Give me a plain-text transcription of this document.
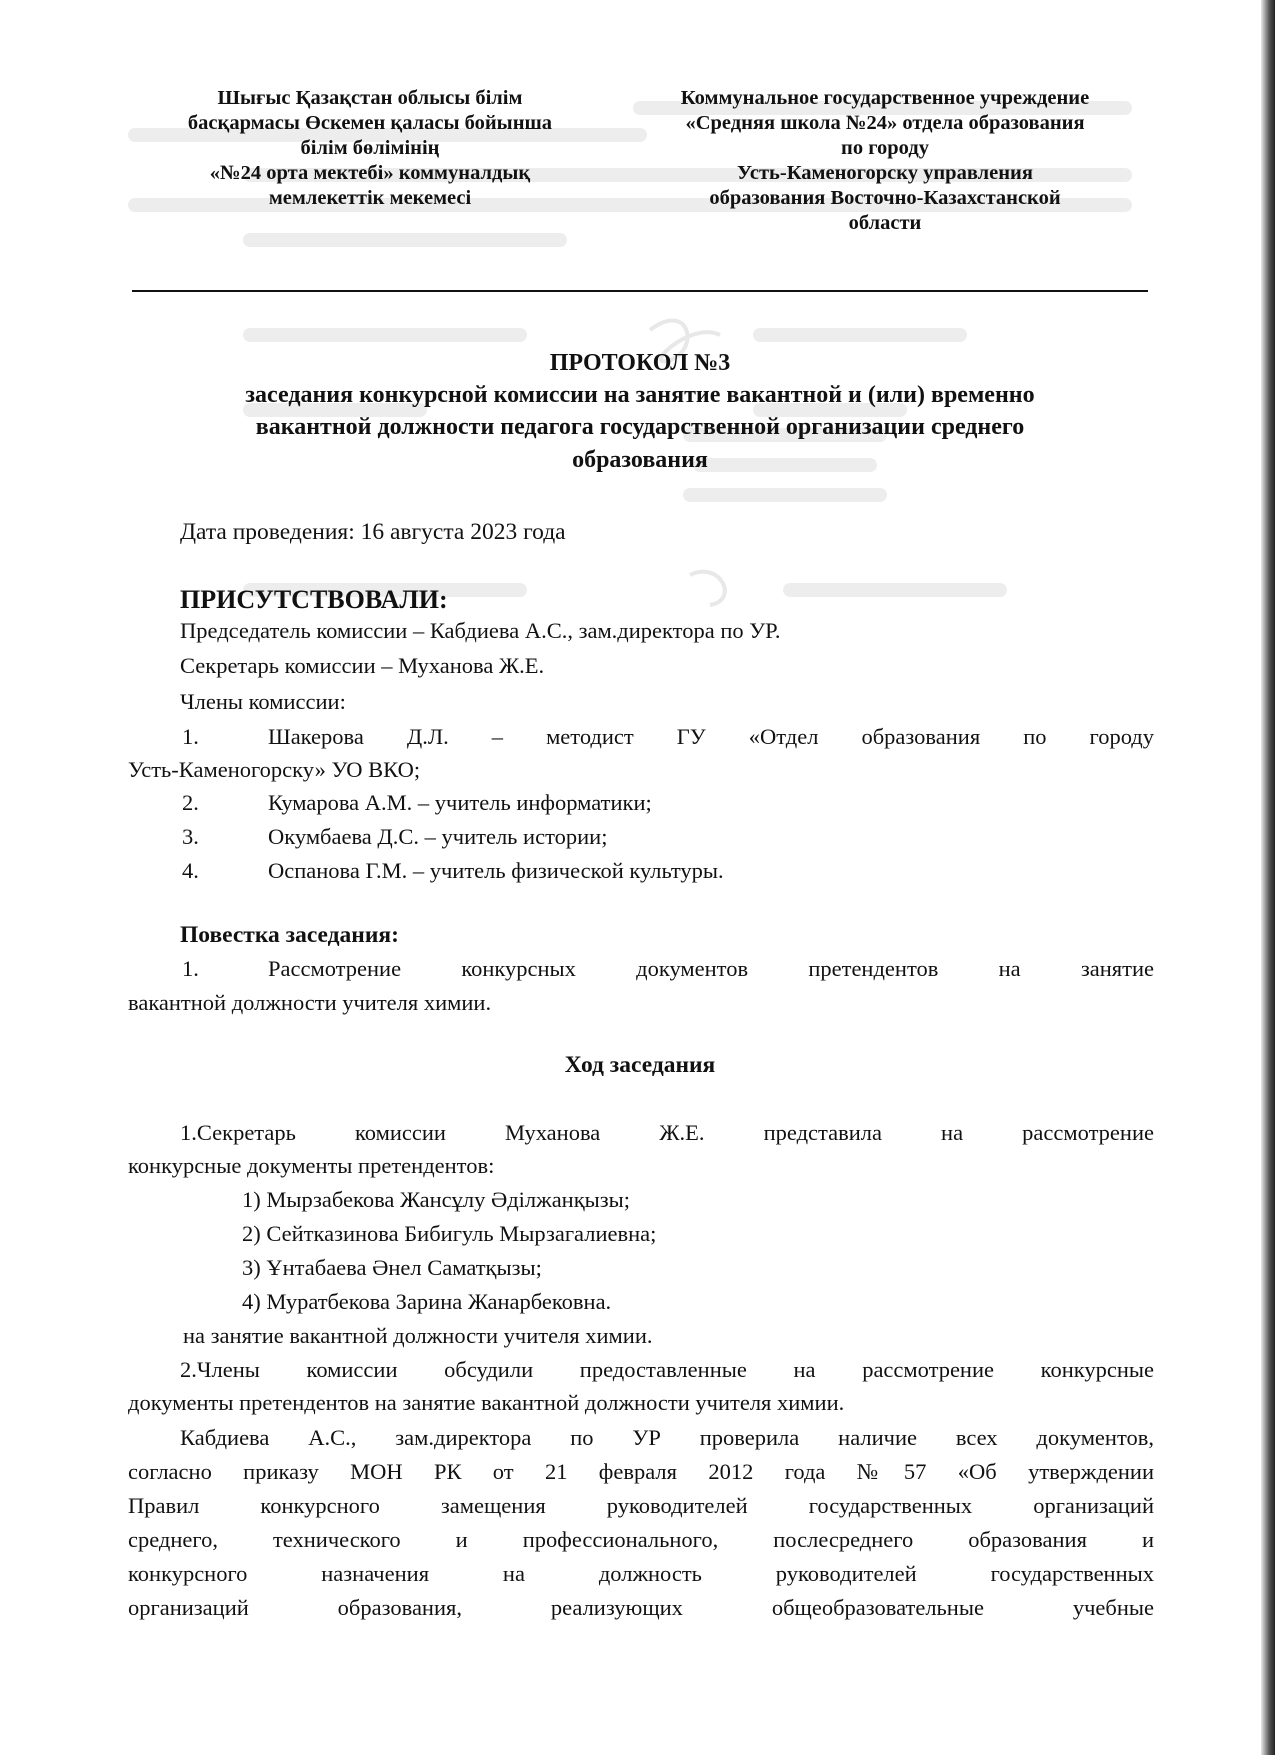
Шығыс Қазақстан облысы білім
басқармасы Өскемен қаласы бойынша
білім бөлімінің
«№24 орта мектебі» коммуналдық
мемлекеттік мекемесі
Коммунальное государственное учреждение
«Средняя школа №24» отдела образования
по городу
Усть-Каменогорску управления
образования Восточно-Казахстанской
области
ПРОТОКОЛ №3
заседания конкурсной комиссии на занятие вакантной и (или) временно
вакантной должности педагога государственной организации среднего
образования
Дата проведения: 16 августа 2023 года
ПРИСУТСТВОВАЛИ:
Председатель комиссии – Кабдиева А.С., зам.директора по УР.
Секретарь комиссии – Муханова Ж.Е.
Члены комиссии:
1.	Шакерова Д.Л. – методист ГУ «Отдел образования по городу
Усть-Каменогорску» УО ВКО;
2.	Кумарова А.М. – учитель информатики;
3.	Окумбаева Д.С. – учитель истории;
4.	Оспанова Г.М. – учитель физической культуры.
Повестка заседания:
1.	Рассмотрение конкурсных документов претендентов на занятие
вакантной должности учителя химии.
Ход заседания
1.Секретарь комиссии Муханова Ж.Е. представила на рассмотрение
конкурсные документы претендентов:
1) Мырзабекова Жансұлу Әділжанқызы;
2) Сейтказинова Бибигуль Мырзагалиевна;
3) Ұнтабаева Әнел Саматқызы;
4) Муратбекова Зарина Жанарбековна.
на занятие вакантной должности учителя химии.
2.Члены комиссии обсудили предоставленные на рассмотрение конкурсные
документы претендентов на занятие вакантной должности учителя химии.
Кабдиева А.С., зам.директора по УР проверила наличие всех документов,
согласно приказу МОН РК от 21 февраля 2012 года №57 «Об утверждении
Правил конкурсного замещения руководителей государственных организаций
среднего, технического и профессионального, послесреднего образования и
конкурсного назначения на должность руководителей государственных
организаций образования, реализующих общеобразовательные учебные
